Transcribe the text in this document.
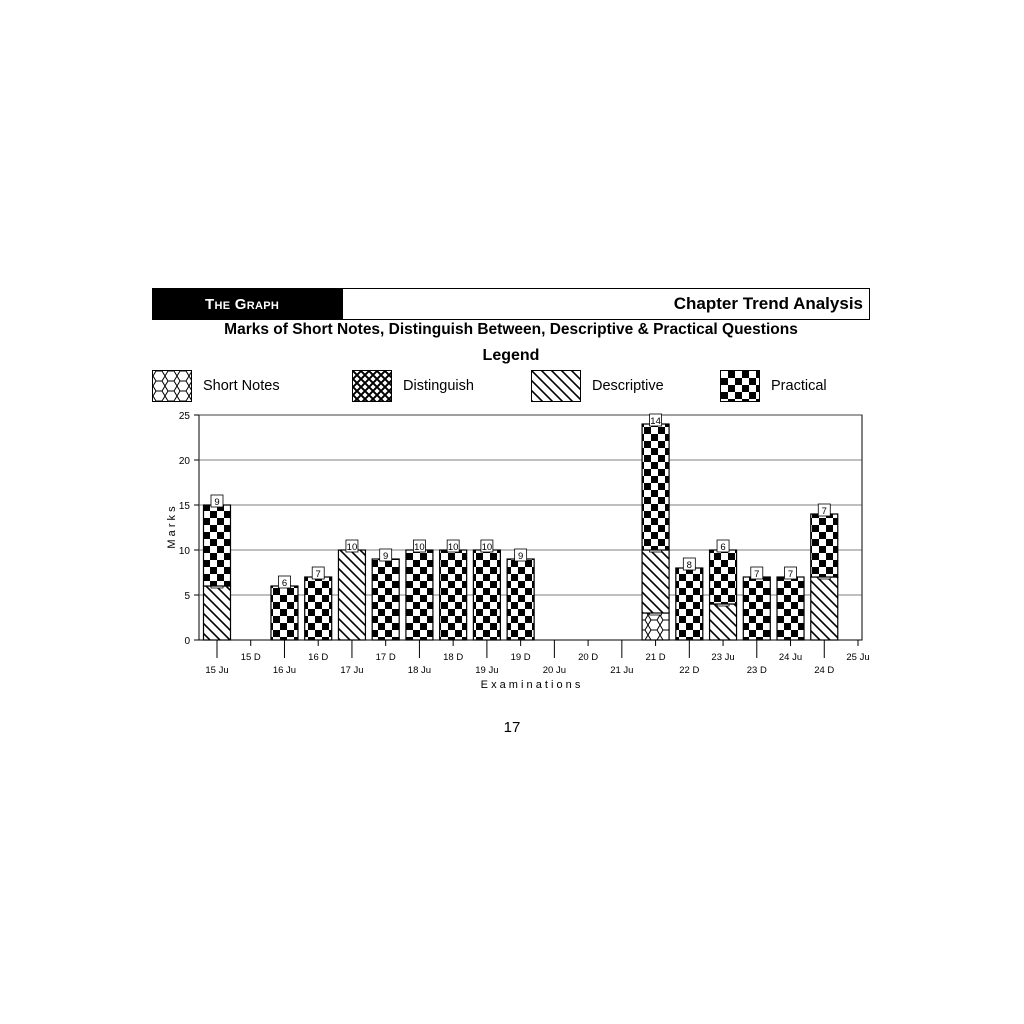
The Graph	Chapter Trend Analysis
Marks of Short Notes, Distinguish Between, Descriptive & Practical Questions
Legend
Short Notes	Distinguish	Descriptive	Practical
0
5
10
15
20
25
M a r k s
15 Ju
15 D
16 Ju
16 D
17 Ju
17 D
18 Ju
18 D
19 Ju
19 D
20 Ju
20 D
21 Ju
21 D
22 D
23 Ju
23 D
24 Ju
24 D
25 Ju
E x a m i n a t i o n s
9
6
7
10
9
10 10 10
9
14
8
6
7	7
7
17
